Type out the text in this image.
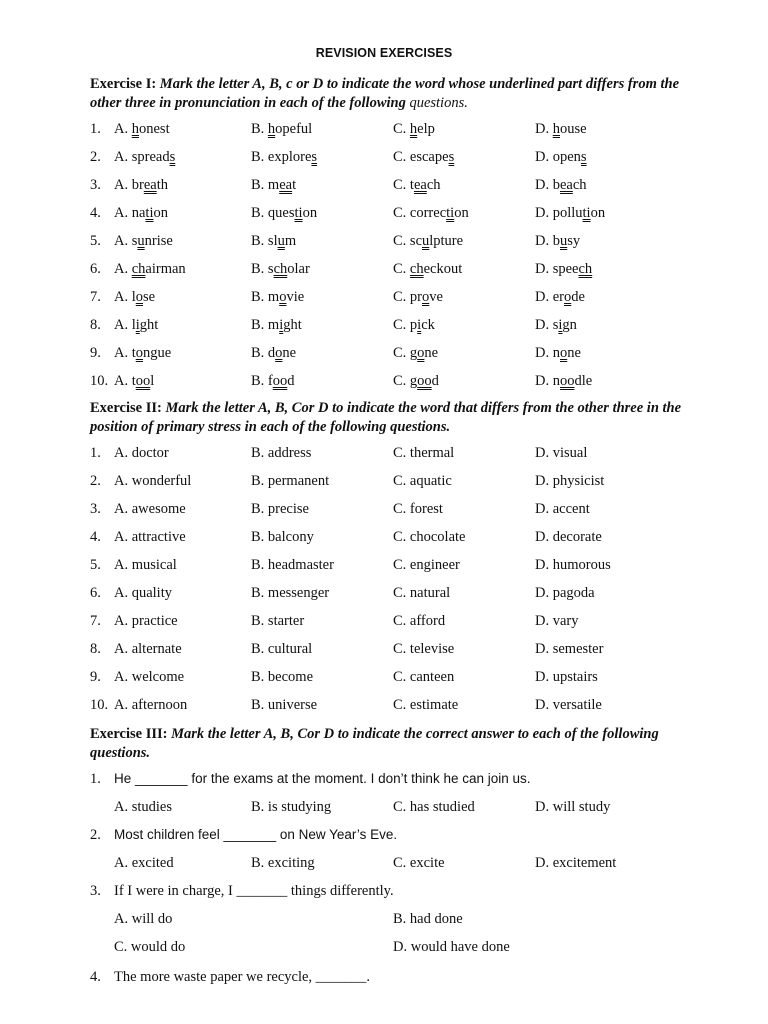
REVISION EXERCISES
Exercise I: Mark the letter A, B, c or D to indicate the word whose underlined part differs from the other three in pronunciation in each of the following questions.
1. A. honest	B. hopeful	C. help	D. house
2. A. spreads	B. explores	C. escapes	D. opens
3. A. breath	B. meat	C. teach	D. beach
4. A. nation	B. question	C. correction	D. pollution
5. A. sunrise	B. slum	C. sculpture	D. busy
6. A. chairman	B. scholar	C. checkout	D. speech
7. A. lose	B. movie	C. prove	D. erode
8. A. light	B. might	C. pick	D. sign
9. A. tongue	B. done	C. gone	D. none
10. A. tool	B. food	C. good	D. noodle
1. A. doctor	B. address	C. thermal	D. visual
2. A. wonderful	B. permanent	C. aquatic	D. physicist
3. A. awesome	B. precise	C. forest	D. accent
4. A. attractive	B. balcony	C. chocolate	D. decorate
5. A. musical	B. headmaster	C. engineer	D. humorous
6. A. quality	B. messenger	C. natural	D. pagoda
7. A. practice	B. starter	C. afford	D. vary
8. A. alternate	B. cultural	C. televise	D. semester
9. A. welcome	B. become	C. canteen	D. upstairs
10. A. afternoon	B. universe	C. estimate	D. versatile
Exercise II: Mark the letter A, B, Cor D to indicate the word that differs from the other three in the position of primary stress in each of the following questions.
Exercise III: Mark the letter A, B, Cor D to indicate the correct answer to each of the following questions.
1. He _______ for the exams at the moment. I don’t think he can join us.
A. studies	B. is studying	C. has studied	D. will study
2. Most children feel _______ on New Year’s Eve.
A. excited	B. exciting	C. excite	D. excitement
3. If I were in charge, I _______ things differently.
A. will do	B. had done
C. would do	D. would have done
4. The more waste paper we recycle, _______.
